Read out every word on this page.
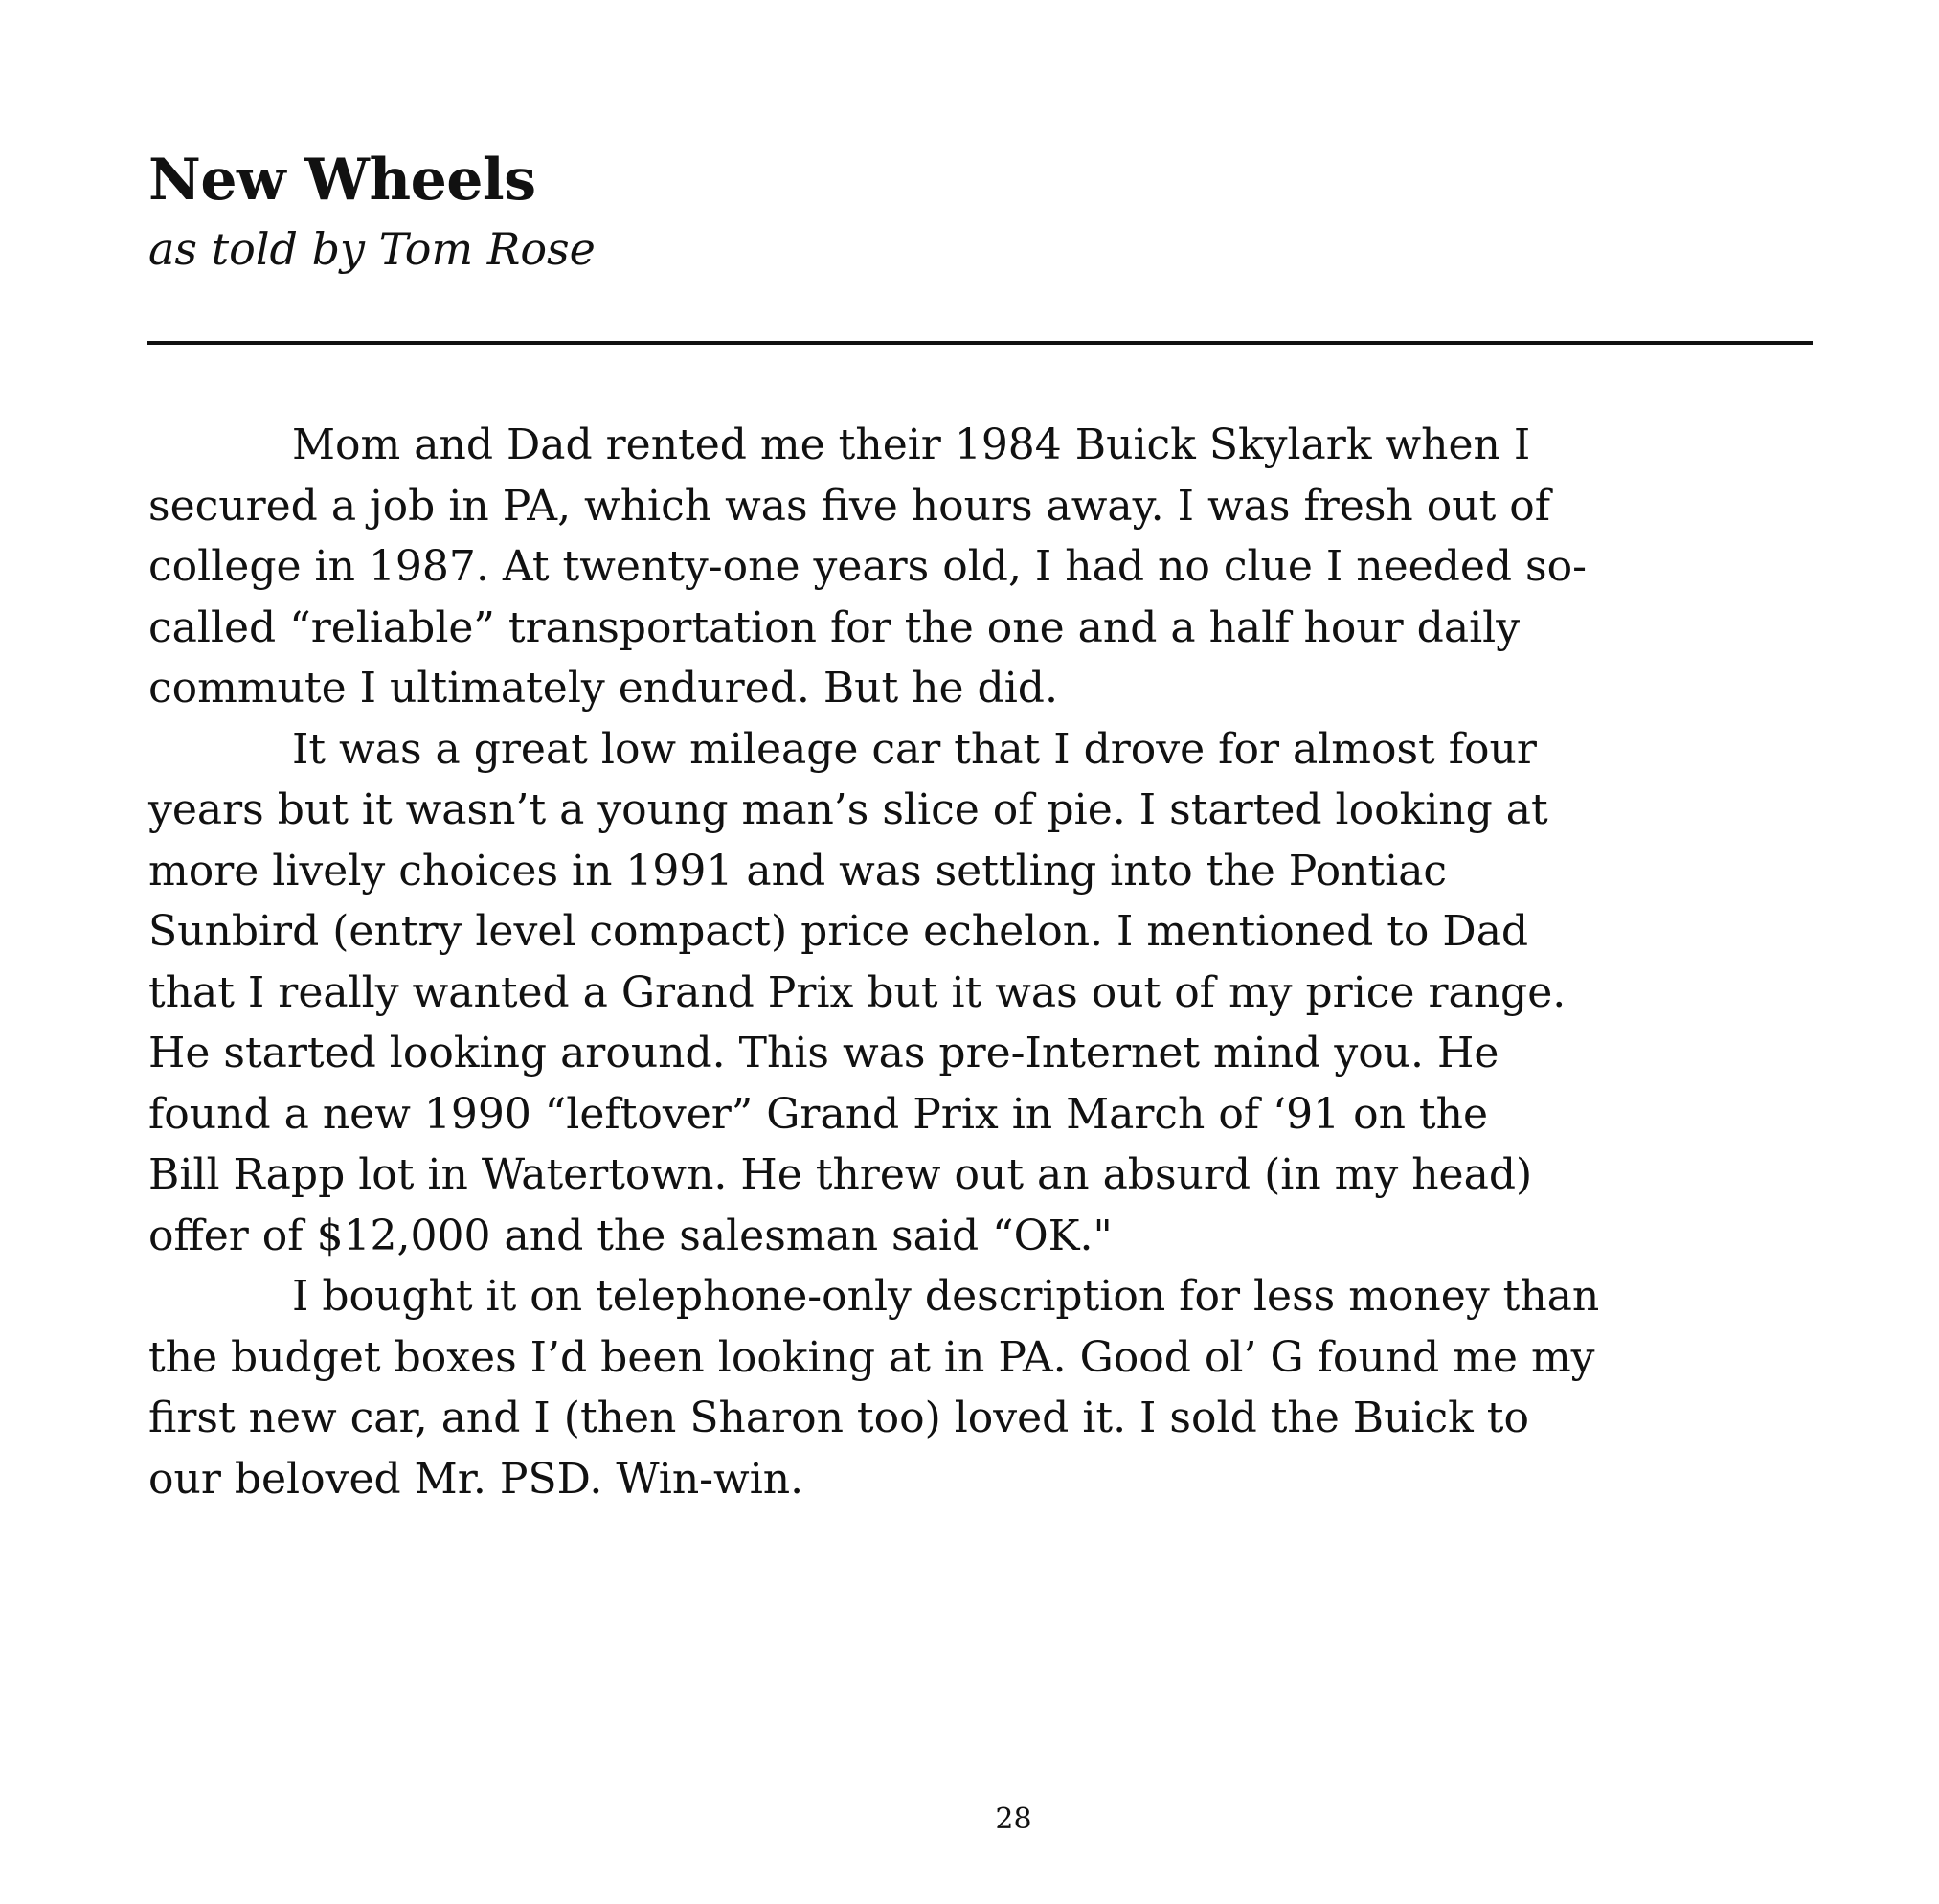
New Wheels

as told by Tom Rose

Mom and Dad rented me their 1984 Buick Skylark when I
secured a job in PA, which was five hours away. I was fresh out of
college in 1987. At twenty-one years old, I had no clue I needed so-
called “reliable” transportation for the one and a half hour daily
commute I ultimately endured. But he did.
It was a great low mileage car that I drove for almost four
years but it wasn’t a young man’s slice of pie. I started looking at
more lively choices in 1991 and was settling into the Pontiac
Sunbird (entry level compact) price echelon. I mentioned to Dad
that I really wanted a Grand Prix but it was out of my price range.
He started looking around. This was pre-Internet mind you. He
found a new 1990 “leftover” Grand Prix in March of ‘91 on the
Bill Rapp lot in Watertown. He threw out an absurd (in my head)
offer of $12,000 and the salesman said “OK."
I bought it on telephone-only description for less money than
the budget boxes I’d been looking at in PA. Good ol’ G found me my
first new car, and I (then Sharon too) loved it. I sold the Buick to
our beloved Mr. PSD. Win-win.
28
